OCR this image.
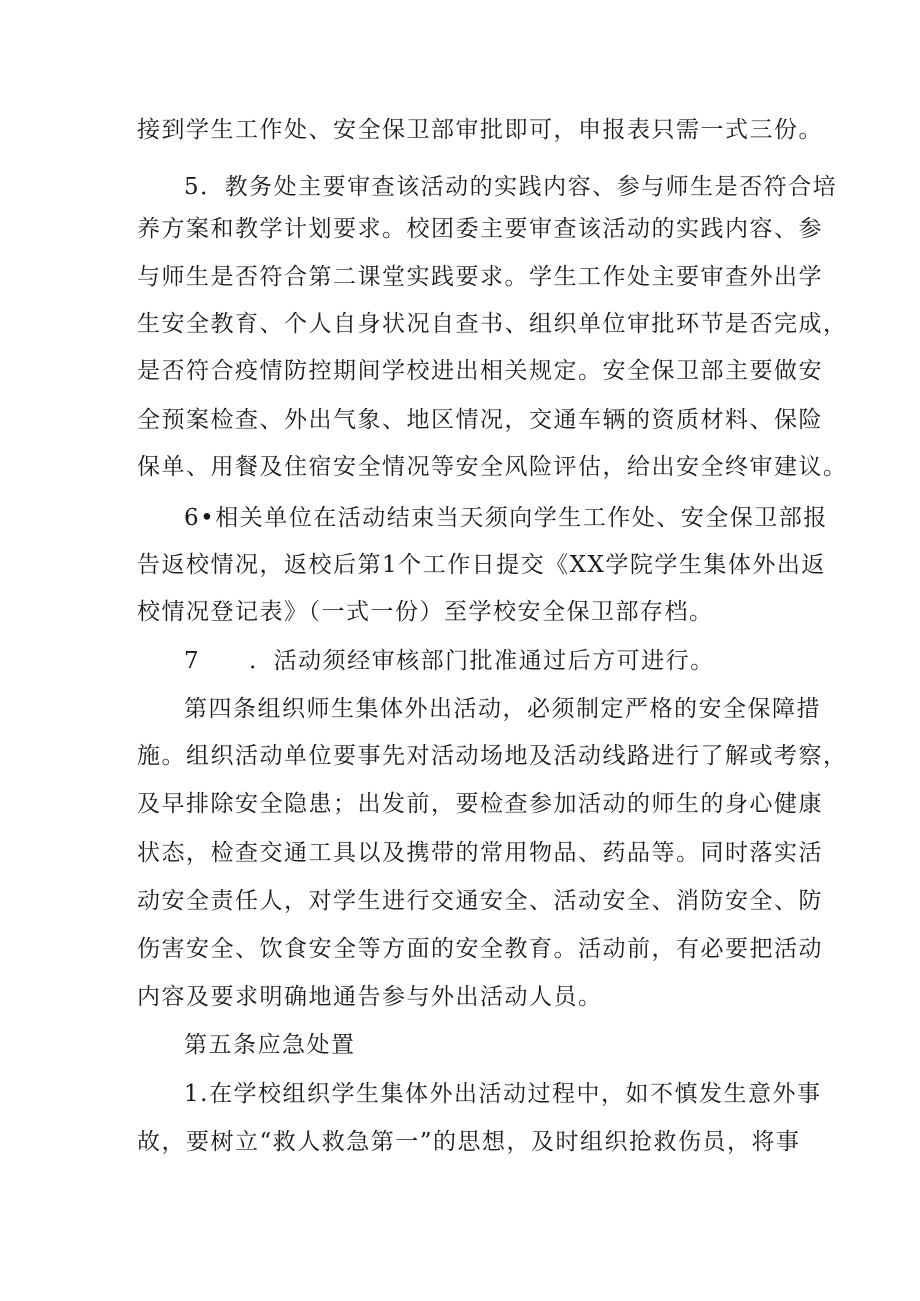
接到学生工作处、安全保卫部审批即可，申报表只需一式三份。
5．教务处主要审查该活动的实践内容、参与师生是否符合培
养方案和教学计划要求。校团委主要审查该活动的实践内容、参
与师生是否符合第二课堂实践要求。学生工作处主要审查外出学
生安全教育、个人自身状况自查书、组织单位审批环节是否完成，
是否符合疫情防控期间学校进出相关规定。安全保卫部主要做安
全预案检查、外出气象、地区情况，交通车辆的资质材料、保险
保单、用餐及住宿安全情况等安全风险评估，给出安全终审建议。
6•相关单位在活动结束当天须向学生工作处、安全保卫部报
告返校情况，返校后第1个工作日提交《XX学院学生集体外出返
校情况登记表》（一式一份）至学校安全保卫部存档。
7　　．活动须经审核部门批准通过后方可进行。
第四条组织师生集体外出活动，必须制定严格的安全保障措
施。组织活动单位要事先对活动场地及活动线路进行了解或考察，
及早排除安全隐患；出发前，要检查参加活动的师生的身心健康
状态，检查交通工具以及携带的常用物品、药品等。同时落实活
动安全责任人，对学生进行交通安全、活动安全、消防安全、防
伤害安全、饮食安全等方面的安全教育。活动前，有必要把活动
内容及要求明确地通告参与外出活动人员。
第五条应急处置
1.在学校组织学生集体外出活动过程中，如不慎发生意外事
故，要树立“救人救急第一”的思想，及时组织抢救伤员，将事
